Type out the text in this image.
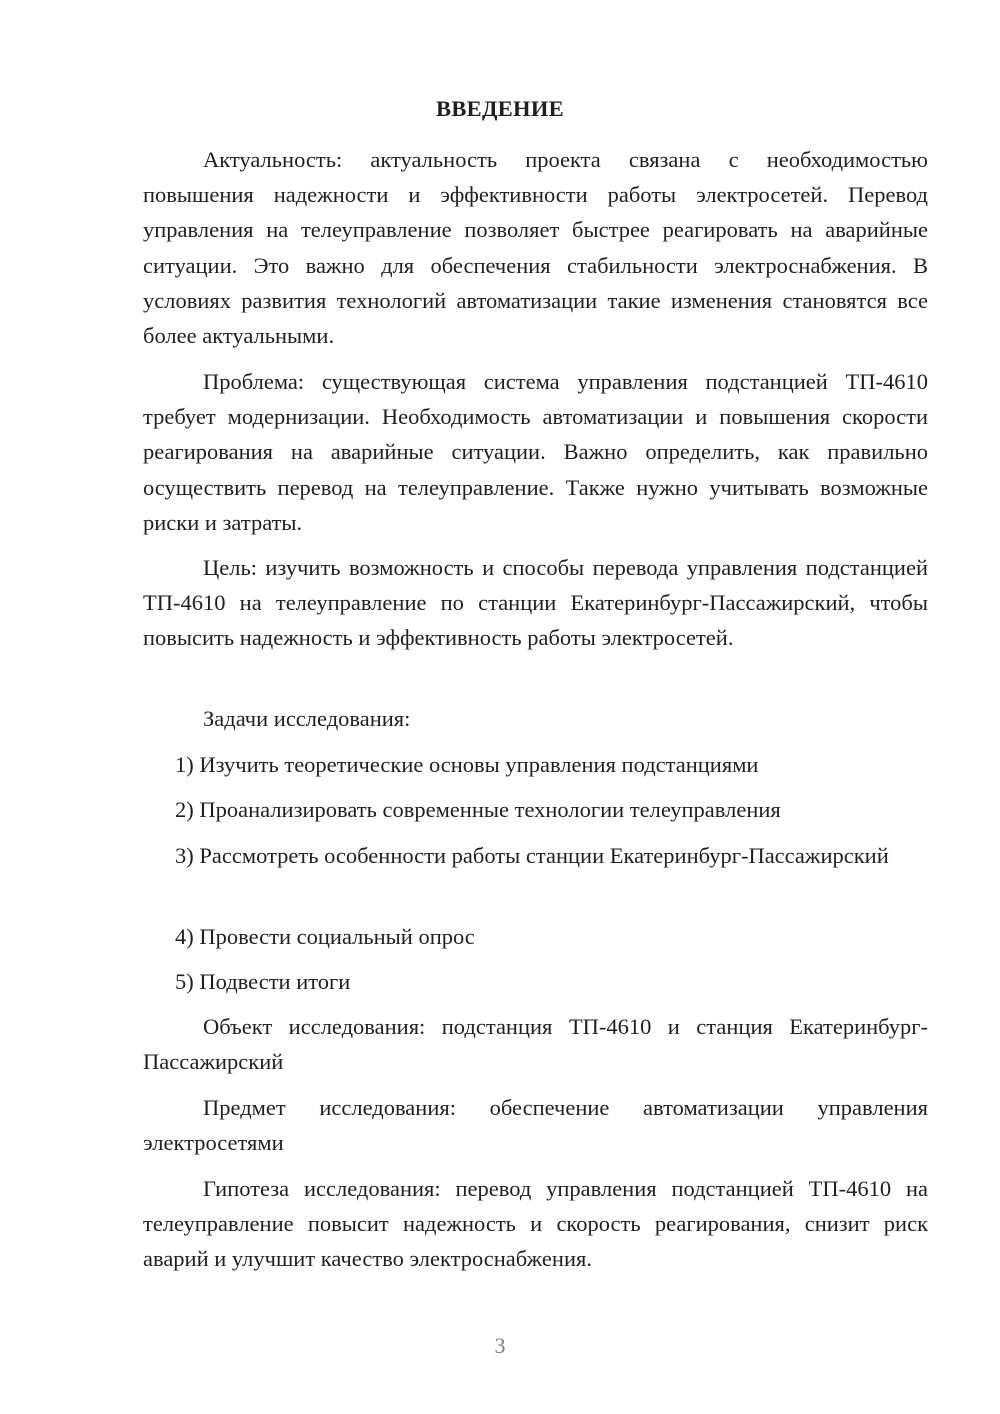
ВВЕДЕНИЕ

Актуальность: актуальность проекта связана с необходимостью повышения надежности и эффективности работы электросетей. Перевод управления на телеуправление позволяет быстрее реагировать на аварийные ситуации. Это важно для обеспечения стабильности электроснабжения. В условиях развития технологий автоматизации такие изменения становятся все более актуальными.

Проблема: существующая система управления подстанцией ТП-4610 требует модернизации. Необходимость автоматизации и повышения скорости реагирования на аварийные ситуации. Важно определить, как правильно осуществить перевод на телеуправление. Также нужно учитывать возможные риски и затраты.

Цель: изучить возможность и способы перевода управления подстанцией ТП-4610 на телеуправление по станции Екатеринбург-Пассажирский, чтобы повысить надежность и эффективность работы электросетей.

Задачи исследования:

1) Изучить теоретические основы управления подстанциями

2) Проанализировать современные технологии телеуправления

3) Рассмотреть особенности работы станции Екатеринбург-Пассажирский

4) Провести социальный опрос

5) Подвести итоги

Объект исследования: подстанция ТП-4610 и станция Екатеринбург- Пассажирский

Предмет исследования: обеспечение автоматизации управления электросетями

Гипотеза исследования: перевод управления подстанцией ТП-4610 на телеуправление повысит надежность и скорость реагирования, снизит риск аварий и улучшит качество электроснабжения.

3
